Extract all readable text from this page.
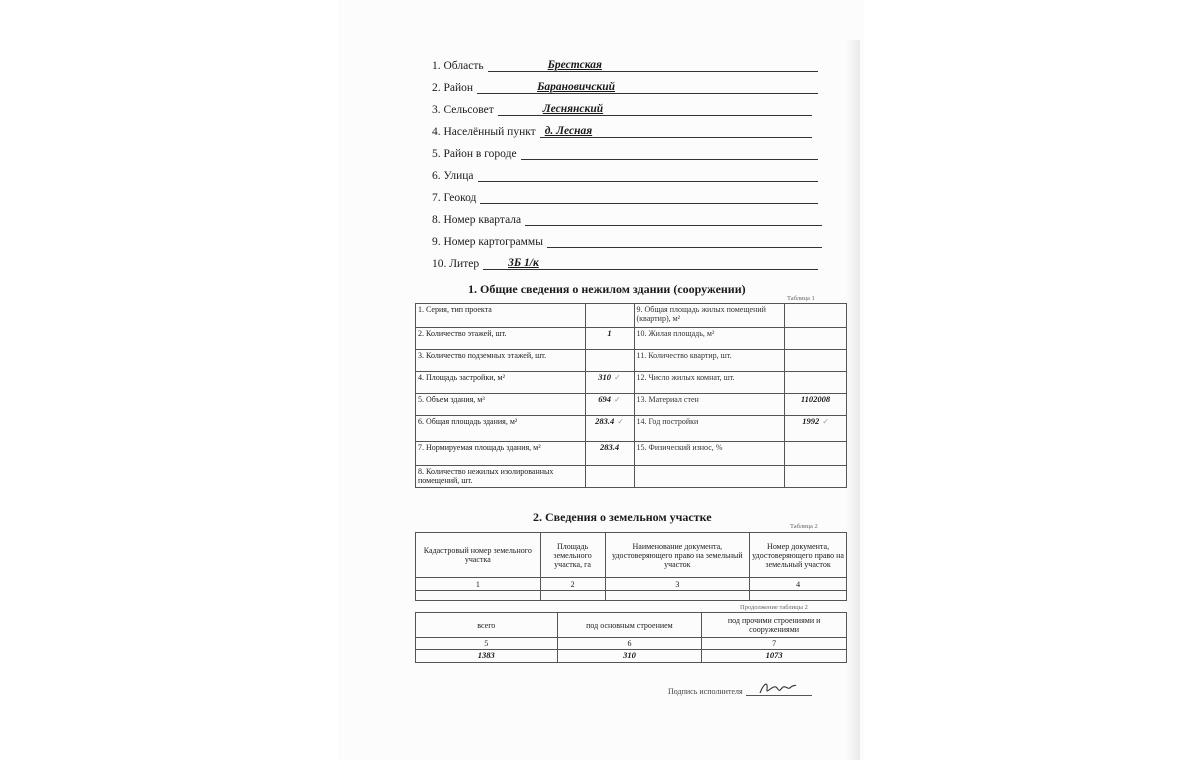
1. Область	Брестская
2. Район	Барановичский
3. Сельсовет	Леснянский
4. Населённый пункт д. Лесная
5. Район в городе
6. Улица
7. Геокод
8. Номер квартала
9. Номер картограммы
10. Литер	3Б 1/к
1. Общие сведения о нежилом здании (сооружении)
Таблица 1
1. Серия, тип проекта		9. Общая площадь жилых помещений (квартир), м²	
2. Количество этажей, шт.	1	10. Жилая площадь, м²	
3. Количество подземных этажей, шт.		11. Количество квартир, шт.	
4. Площадь застройки, м²	310 ✓	12. Число жилых комнат, шт.	
5. Объем здания, м³	694 ✓	13. Материал стен	1102008
6. Общая площадь здания, м²	283.4 ✓	14. Год постройки	1992 ✓
7. Нормируемая площадь здания, м²	283.4	15. Физический износ, %	
8. Количество нежилых изолированных помещений, шт.			
2. Сведения о земельном участке
Таблица 2
Кадастровый номер земельного участка	Площадь земельного участка, га	Наименование документа, удостоверяющего право на земельный участок	Номер документа, удостоверяющего право на земельный участок
1	2	3	4

Продолжение таблицы 2
всего	под основным строением	под прочими строениями и сооружениями
5	6	7
1383	310	1073
Подпись исполнителя
